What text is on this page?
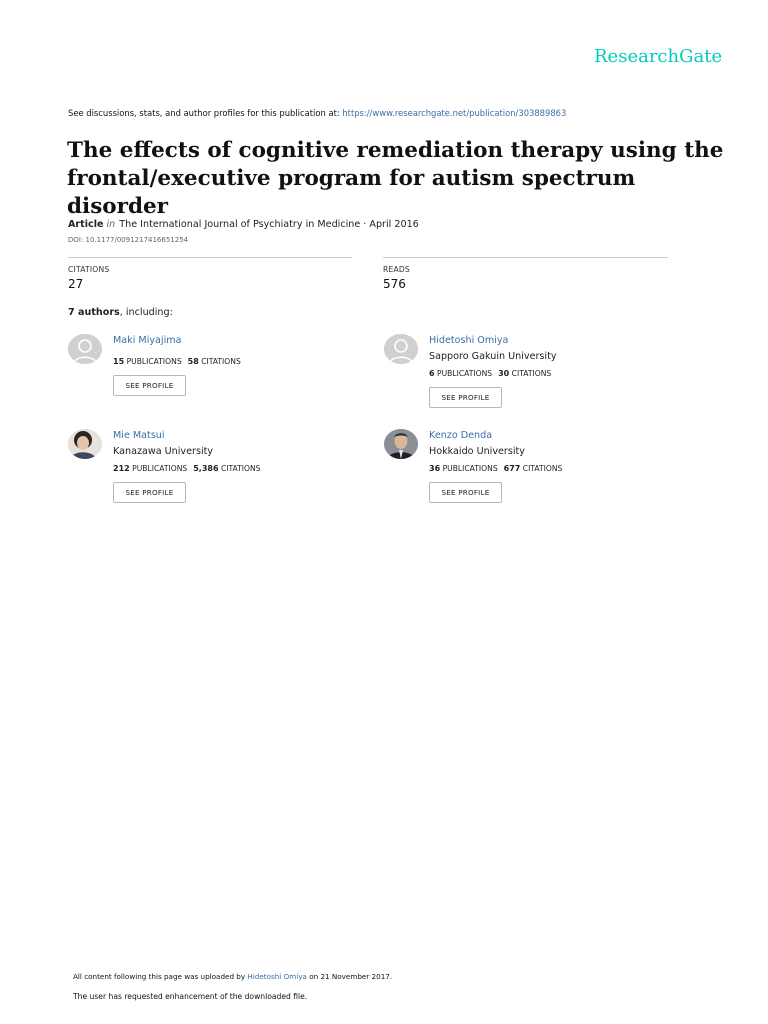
ResearchGate
See discussions, stats, and author profiles for this publication at: https://www.researchgate.net/publication/303889863
The effects of cognitive remediation therapy using the frontal/executive program for autism spectrum disorder
Article in The International Journal of Psychiatry in Medicine · April 2016
DOI: 10.1177/0091217416651254
CITATIONS
27
READS
576
7 authors, including:
Maki Miyajima
15 PUBLICATIONS 58 CITATIONS
SEE PROFILE
Hidetoshi Omiya
Sapporo Gakuin University
6 PUBLICATIONS 30 CITATIONS
SEE PROFILE
Mie Matsui
Kanazawa University
212 PUBLICATIONS 5,386 CITATIONS
SEE PROFILE
Kenzo Denda
Hokkaido University
36 PUBLICATIONS 677 CITATIONS
SEE PROFILE
All content following this page was uploaded by Hidetoshi Omiya on 21 November 2017.
The user has requested enhancement of the downloaded file.
